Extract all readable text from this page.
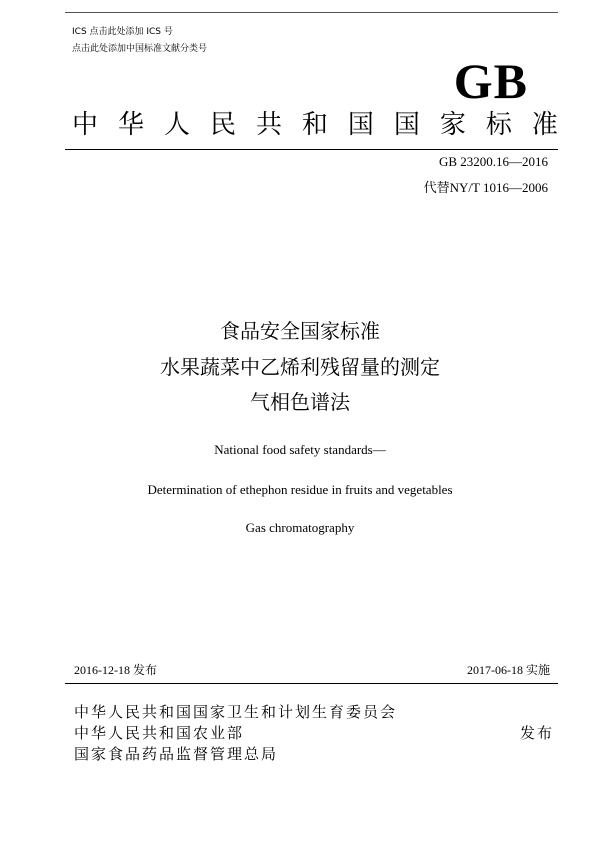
ICS 点击此处添加 ICS 号
点击此处添加中国标准文献分类号
GB
中 华 人 民 共 和 国 国 家 标 准
GB 23200.16—2016
代替NY/T 1016—2006
食品安全国家标准
水果蔬菜中乙烯利残留量的测定
气相色谱法
National food safety standards—
Determination of ethephon residue in fruits and vegetables
Gas chromatography
2016-12-18 发布	2017-06-18 实施
中华人民共和国国家卫生和计划生育委员会
中华人民共和国农业部
国家食品药品监督管理总局
发布
